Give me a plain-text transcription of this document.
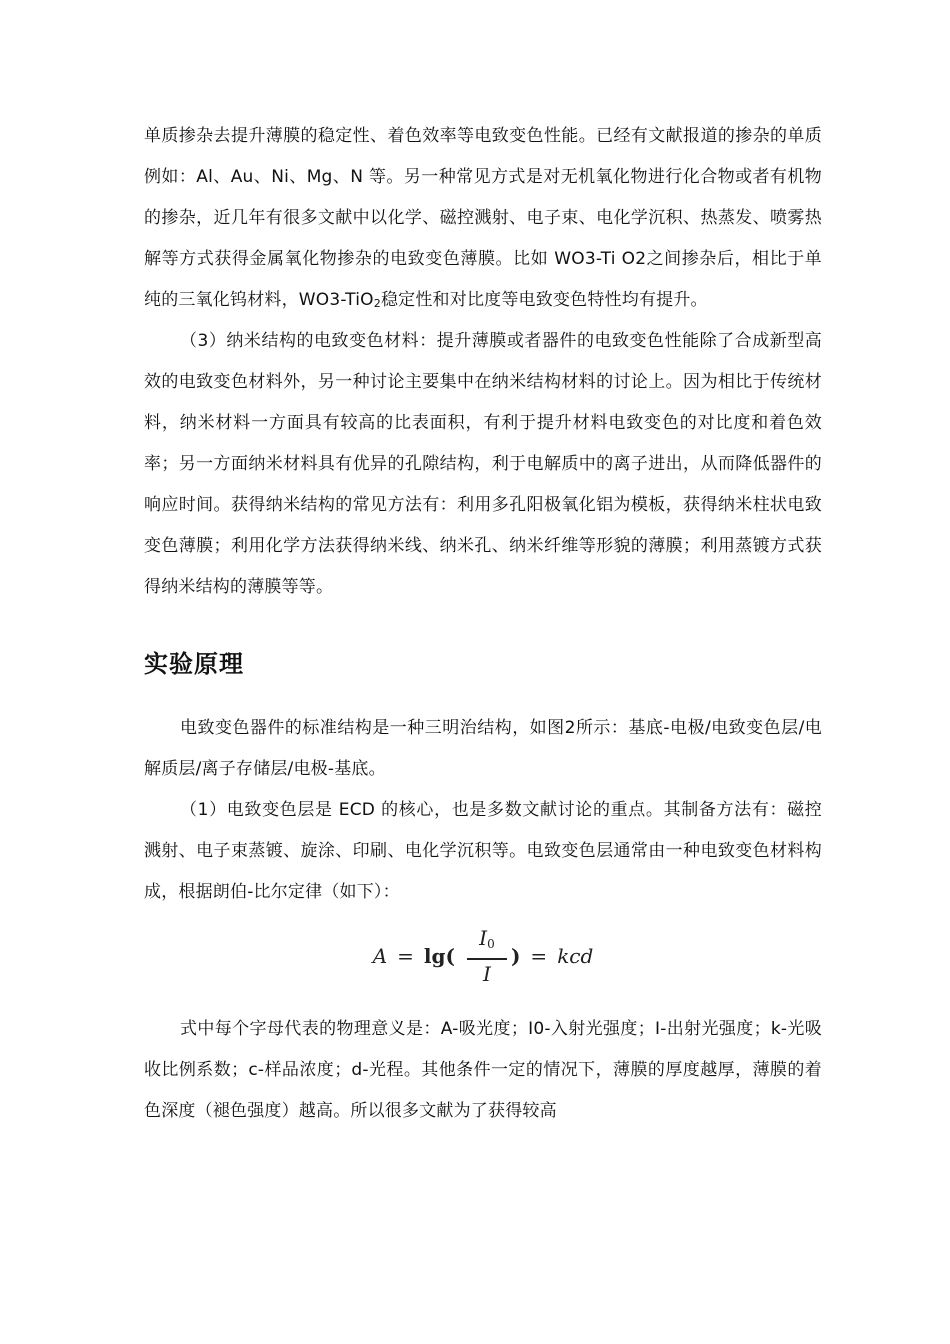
单质掺杂去提升薄膜的稳定性、着色效率等电致变色性能。已经有文献报道的掺杂的单质例如：Al、Au、Ni、Mg、N 等。另一种常见方式是对无机氧化物进行化合物或者有机物的掺杂，近几年有很多文献中以化学、磁控溅射、电子束、电化学沉积、热蒸发、喷雾热解等方式获得金属氧化物掺杂的电致变色薄膜。比如 WO3-Ti O2之间掺杂后，相比于单纯的三氧化钨材料，WO3-TiO2稳定性和对比度等电致变色特性均有提升。

（3）纳米结构的电致变色材料：提升薄膜或者器件的电致变色性能除了合成新型高效的电致变色材料外，另一种讨论主要集中在纳米结构材料的讨论上。因为相比于传统材料，纳米材料一方面具有较高的比表面积，有利于提升材料电致变色的对比度和着色效率；另一方面纳米材料具有优异的孔隙结构，利于电解质中的离子进出，从而降低器件的响应时间。获得纳米结构的常见方法有：利用多孔阳极氧化铝为模板，获得纳米柱状电致变色薄膜；利用化学方法获得纳米线、纳米孔、纳米纤维等形貌的薄膜；利用蒸镀方式获得纳米结构的薄膜等等。

实验原理

电致变色器件的标准结构是一种三明治结构，如图2所示：基底-电极/电致变色层/电解质层/离子存储层/电极-基底。

（1）电致变色层是 ECD 的核心，也是多数文献讨论的重点。其制备方法有：磁控溅射、电子束蒸镀、旋涂、印刷、电化学沉积等。电致变色层通常由一种电致变色材料构成，根据朗伯-比尔定律（如下）：

$A = \lg( \frac{I_0}{I}$ ) = kcd

式中每个字母代表的物理意义是：A-吸光度；I0-入射光强度；I-出射光强度；k-光吸收比例系数；c-样品浓度；d-光程。其他条件一定的情况下，薄膜的厚度越厚，薄膜的着色深度（褪色强度）越高。所以很多文献为了获得较高
